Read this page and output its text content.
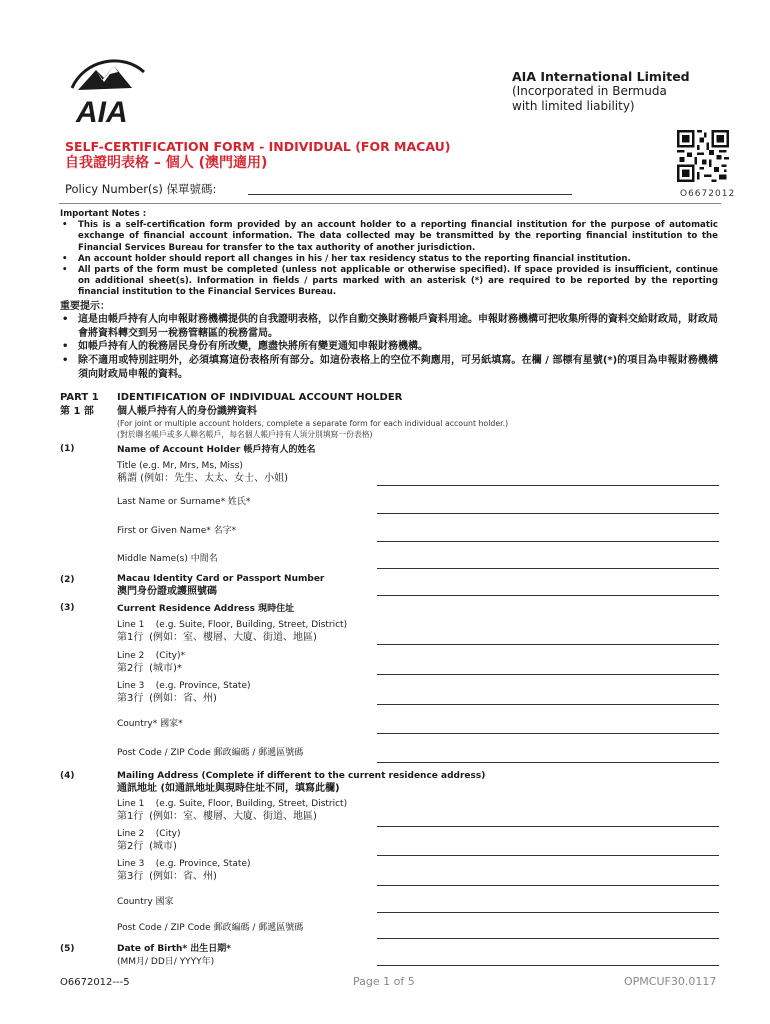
AIA
AIA International Limited
(Incorporated in Bermuda
with limited liability)
O6672012
SELF-CERTIFICATION FORM - INDIVIDUAL (FOR MACAU)
自我證明表格 – 個人 (澳門適用)
Policy Number(s) 保單號碼:
Important Notes :
• This is a self-certification form provided by an account holder to a reporting financial institution for the purpose of automatic exchange of financial account information. The data collected may be transmitted by the reporting financial institution to the Financial Services Bureau for transfer to the tax authority of another jurisdiction.
• An account holder should report all changes in his / her tax residency status to the reporting financial institution.
• All parts of the form must be completed (unless not applicable or otherwise specified). If space provided is insufficient, continue on additional sheet(s). Information in fields / parts marked with an asterisk (*) are required to be reported by the reporting financial institution to the Financial Services Bureau.
重要提示：
• 這是由帳戶持有人向申報財務機構提供的自我證明表格，以作自動交換財務帳戶資料用途。申報財務機構可把收集所得的資料交給財政局，財政局會將資料轉交到另一稅務管轄區的稅務當局。
• 如帳戶持有人的稅務居民身份有所改變，應盡快將所有變更通知申報財務機構。
• 除不適用或特別註明外，必須填寫這份表格所有部分。如這份表格上的空位不夠應用，可另紙填寫。在欄 / 部標有星號(*)的項目為申報財務機構須向財政局申報的資料。
PART 1
第 1 部
IDENTIFICATION OF INDIVIDUAL ACCOUNT HOLDER
個人帳戶持有人的身份識辨資料
(For joint or multiple account holders, complete a separate form for each individual account holder.)
(對於聯名帳戶或多人聯名帳戶，每名個人帳戶持有人須分別填寫一份表格)
(1)	Name of Account Holder 帳戶持有人的姓名
Title (e.g. Mr, Mrs, Ms, Miss)
稱謂 (例如：先生、太太、女士、小姐)
Last Name or Surname* 姓氏*
First or Given Name* 名字*
Middle Name(s) 中間名
(2)	Macau Identity Card or Passport Number
澳門身份證或護照號碼
(3)	Current Residence Address 現時住址
Line 1 (e.g. Suite, Floor, Building, Street, District)
第1行 (例如：室、樓層、大廈、街道、地區)
Line 2 (City)*
第2行 (城市)*
Line 3 (e.g. Province, State)
第3行 (例如：省、州)
Country* 國家*
Post Code / ZIP Code 郵政編碼 / 郵遞區號碼
(4)	Mailing Address (Complete if different to the current residence address)
通訊地址 (如通訊地址與現時住址不同，填寫此欄)
Line 1 (e.g. Suite, Floor, Building, Street, District)
第1行 (例如：室、樓層、大廈、街道、地區)
Line 2 (City)
第2行 (城市)
Line 3 (e.g. Province, State)
第3行 (例如：省、州)
Country 國家
Post Code / ZIP Code 郵政編碼 / 郵遞區號碼
(5)	Date of Birth* 出生日期*
(MM月/ DD日/ YYYY年)
O6672012---5	Page 1 of 5	OPMCUF30.0117
